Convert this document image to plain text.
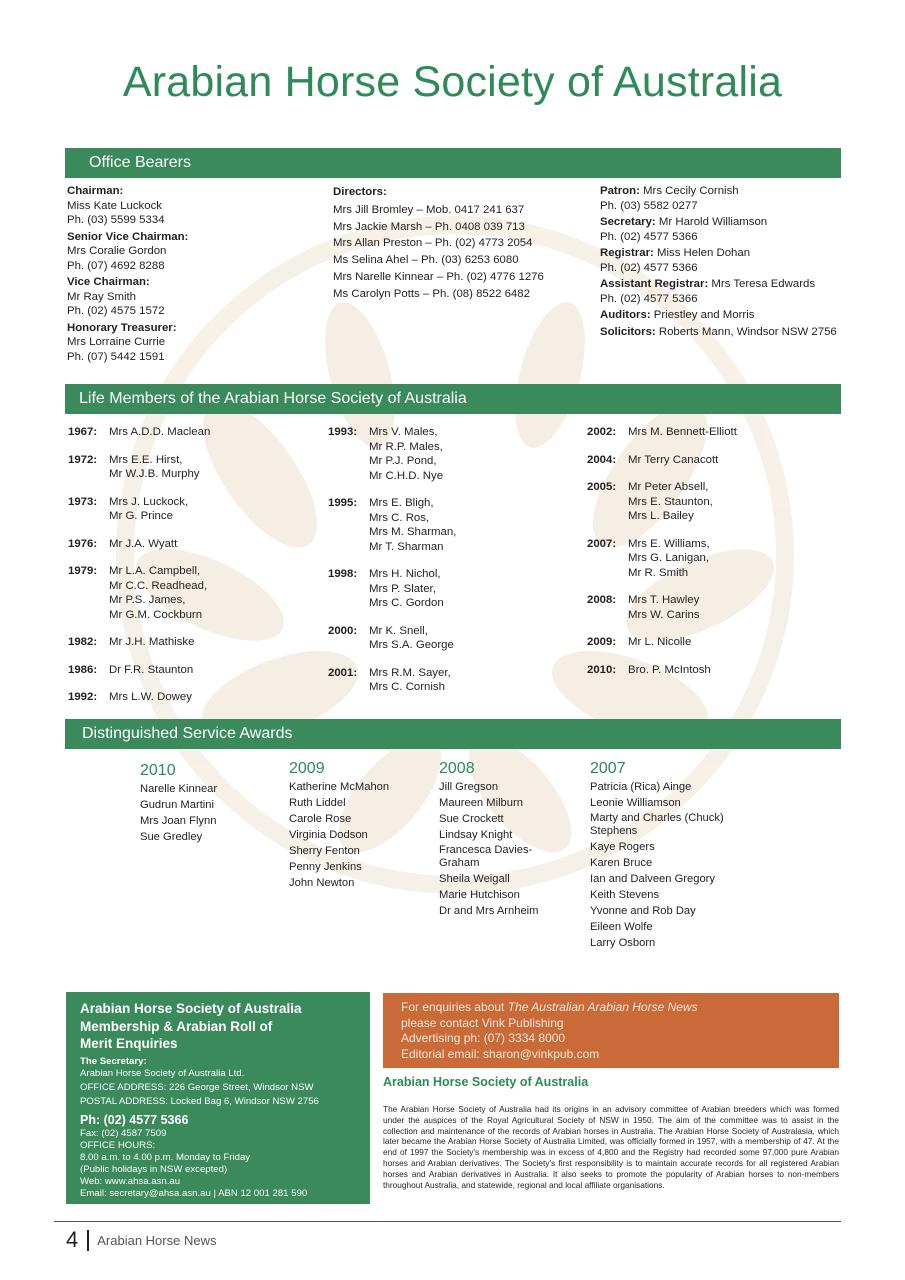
Arabian Horse Society of Australia
Office Bearers
Chairman:
Miss Kate Luckock
Ph. (03) 5599 5334
Senior Vice Chairman:
Mrs Coralie Gordon
Ph. (07) 4692 8288
Vice Chairman:
Mr Ray Smith
Ph. (02) 4575 1572
Honorary Treasurer:
Mrs Lorraine Currie
Ph. (07) 5442 1591
Directors:
Mrs Jill Bromley – Mob. 0417 241 637
Mrs Jackie Marsh – Ph. 0408 039 713
Mrs Allan Preston – Ph. (02) 4773 2054
Ms Selina Ahel – Ph. (03) 6253 6080
Mrs Narelle Kinnear – Ph. (02) 4776 1276
Ms Carolyn Potts – Ph. (08) 8522 6482
Patron: Mrs Cecily Cornish
Ph. (03) 5582 0277
Secretary: Mr Harold Williamson
Ph. (02) 4577 5366
Registrar: Miss Helen Dohan
Ph. (02) 4577 5366
Assistant Registrar: Mrs Teresa Edwards
Ph. (02) 4577 5366
Auditors: Priestley and Morris
Solicitors: Roberts Mann, Windsor NSW 2756
Life Members of the Arabian Horse Society of Australia
1967:	Mrs A.D.D. Maclean
1972:	Mrs E.E. Hirst,
Mr W.J.B. Murphy
1973:	Mrs J. Luckock,
Mr G. Prince
1976:	Mr J.A. Wyatt
1979:	Mr L.A. Campbell,
Mr C.C. Readhead,
Mr P.S. James,
Mr G.M. Cockburn
1982:	Mr J.H. Mathiske
1986:	Dr F.R. Staunton
1992:	Mrs L.W. Dowey
1993:	Mrs V. Males,
Mr R.P. Males,
Mr P.J. Pond,
Mr C.H.D. Nye
1995:	Mrs E. Bligh,
Mrs C. Ros,
Mrs M. Sharman,
Mr T. Sharman
1998:	Mrs H. Nichol,
Mrs P. Slater,
Mrs C. Gordon
2000:	Mr K. Snell,
Mrs S.A. George
2001:	Mrs R.M. Sayer,
Mrs C. Cornish
2002:	Mrs M. Bennett-Elliott
2004:	Mr Terry Canacott
2005:	Mr Peter Absell,
Mrs E. Staunton,
Mrs L. Bailey
2007:	Mrs E. Williams,
Mrs G. Lanigan,
Mr R. Smith
2008:	Mrs T. Hawley
Mrs W. Carins
2009:	Mr L. Nicolle
2010:	Bro. P. McIntosh
Distinguished Service Awards
2010
Narelle Kinnear
Gudrun Martini
Mrs Joan Flynn
Sue Gredley
2009
Katherine McMahon
Ruth Liddel
Carole Rose
Virginia Dodson
Sherry Fenton
Penny Jenkins
John Newton
2008
Jill Gregson
Maureen Milburn
Sue Crockett
Lindsay Knight
Francesca Davies-
Graham
Sheila Weigall
Marie Hutchison
Dr and Mrs Arnheim
2007
Patricia (Rica) Ainge
Leonie Williamson
Marty and Charles (Chuck)
Stephens
Kaye Rogers
Karen Bruce
Ian and Dalveen Gregory
Keith Stevens
Yvonne and Rob Day
Eileen Wolfe
Larry Osborn
Arabian Horse Society of Australia
Membership & Arabian Roll of
Merit Enquiries
The Secretary:
Arabian Horse Society of Australia Ltd.
OFFICE ADDRESS: 226 George Street, Windsor NSW
POSTAL ADDRESS: Locked Bag 6, Windsor NSW 2756
Ph: (02) 4577 5366
Fax: (02) 4587 7509
OFFICE HOURS:
8.00 a.m. to 4.00 p.m. Monday to Friday
(Public holidays in NSW excepted)
Web: www.ahsa.asn.au
Email: secretary@ahsa.asn.au | ABN 12 001 281 590
For enquiries about The Australian Arabian Horse News
please contact Vink Publishing
Advertising ph: (07) 3334 8000
Editorial email: sharon@vinkpub.com
Arabian Horse Society of Australia
The Arabian Horse Society of Australia had its origins in an advisory committee of Arabian breeders which was formed under the auspices of the Royal Agricultural Society of NSW in 1950. The aim of the committee was to assist in the collection and maintenance of the records of Arabian horses in Australia. The Arabian Horse Society of Australasia, which later became the Arabian Horse Society of Australia Limited, was officially formed in 1957, with a membership of 47. At the end of 1997 the Society's membership was in excess of 4,800 and the Registry had recorded some 97,000 pure Arabian horses and Arabian derivatives. The Society's first responsibility is to maintain accurate records for all registered Arabian horses and Arabian derivatives in Australia. It also seeks to promote the popularity of Arabian horses to non-members throughout Australia, and statewide, regional and local affiliate organisations.
4 Arabian Horse News
